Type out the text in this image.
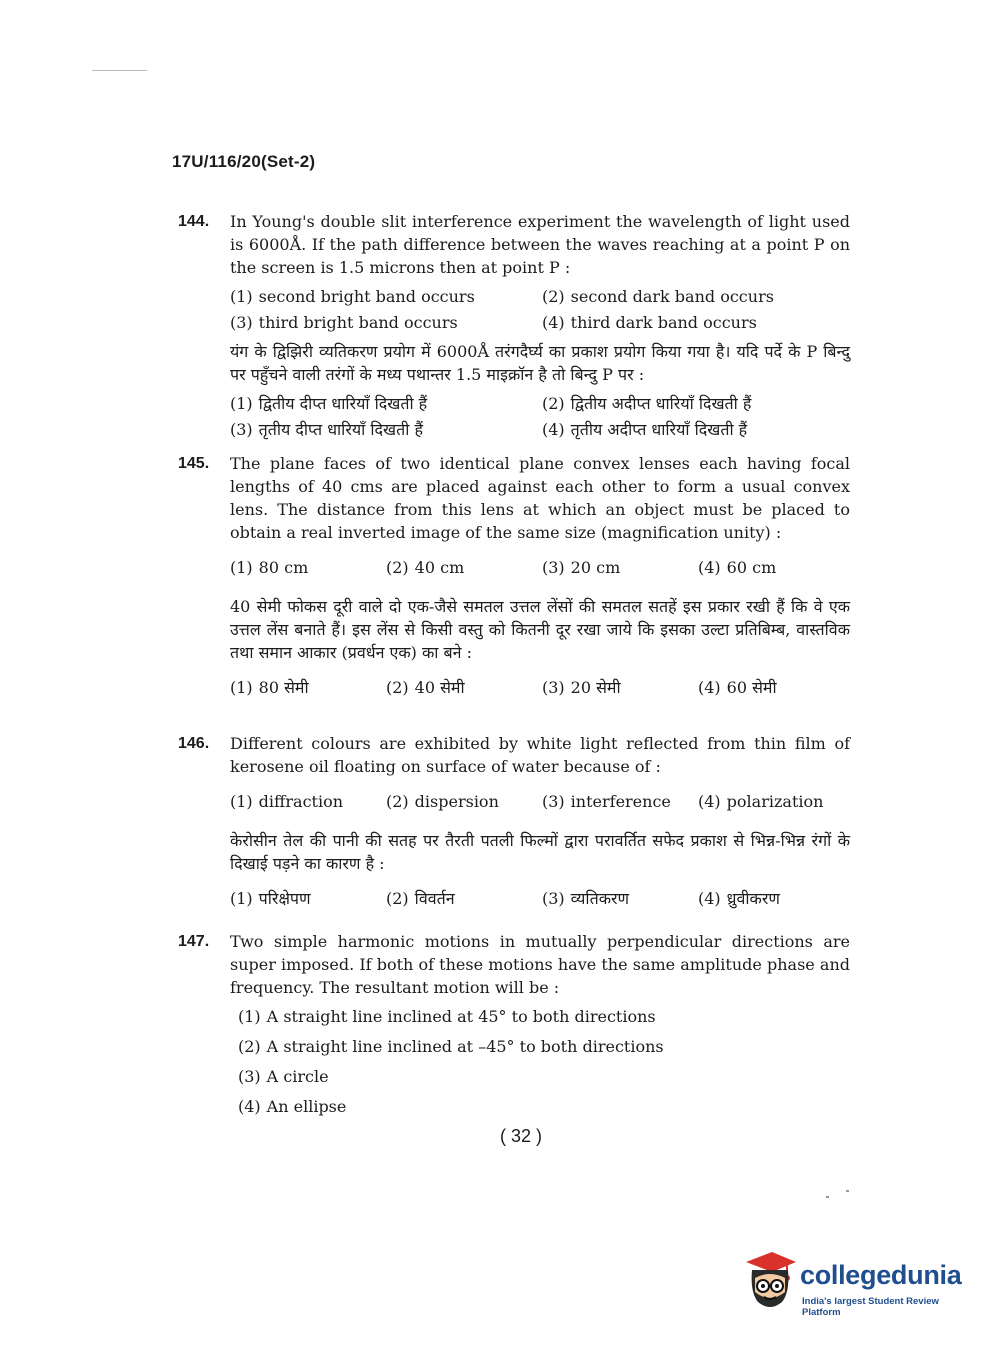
17U/116/20(Set-2)
144. In Young's double slit interference experiment the wavelength of light used is 6000Å. If the path difference between the waves reaching at a point P on the screen is 1.5 microns then at point P :
(1) second bright band occurs	(2) second dark band occurs
(3) third bright band occurs	(4) third dark band occurs
यंग के द्विझिरी व्यतिकरण प्रयोग में 6000Å तरंगदैर्घ्य का प्रकाश प्रयोग किया गया है। यदि पर्दे के P बिन्दु पर पहुँचने वाली तरंगों के मध्य पथान्तर 1.5 माइक्रॉन है तो बिन्दु P पर :
(1) द्वितीय दीप्त धारियाँ दिखती हैं	(2) द्वितीय अदीप्त धारियाँ दिखती हैं
(3) तृतीय दीप्त धारियाँ दिखती हैं	(4) तृतीय अदीप्त धारियाँ दिखती हैं
145. The plane faces of two identical plane convex lenses each having focal lengths of 40 cms are placed against each other to form a usual convex lens. The distance from this lens at which an object must be placed to obtain a real inverted image of the same size (magnification unity) :
(1) 80 cm	(2) 40 cm	(3) 20 cm	(4) 60 cm
40 सेमी फोकस दूरी वाले दो एक-जैसे समतल उत्तल लेंसों की समतल सतहें इस प्रकार रखी हैं कि वे एक उत्तल लेंस बनाते हैं। इस लेंस से किसी वस्तु को कितनी दूर रखा जाये कि इसका उल्टा प्रतिबिम्ब, वास्तविक तथा समान आकार (प्रवर्धन एक) का बने :
(1) 80 सेमी	(2) 40 सेमी	(3) 20 सेमी	(4) 60 सेमी
146. Different colours are exhibited by white light reflected from thin film of kerosene oil floating on surface of water because of :
(1) diffraction	(2) dispersion	(3) interference	(4) polarization
केरोसीन तेल की पानी की सतह पर तैरती पतली फिल्मों द्वारा परावर्तित सफेद प्रकाश से भिन्न-भिन्न रंगों के दिखाई पड़ने का कारण है :
(1) परिक्षेपण	(2) विवर्तन	(3) व्यतिकरण	(4) ध्रुवीकरण
147. Two simple harmonic motions in mutually perpendicular directions are super imposed. If both of these motions have the same amplitude phase and frequency. The resultant motion will be :
(1) A straight line inclined at 45° to both directions
(2) A straight line inclined at –45° to both directions
(3) A circle
(4) An ellipse
( 32 )
collegedunia
India's largest Student Review Platform
